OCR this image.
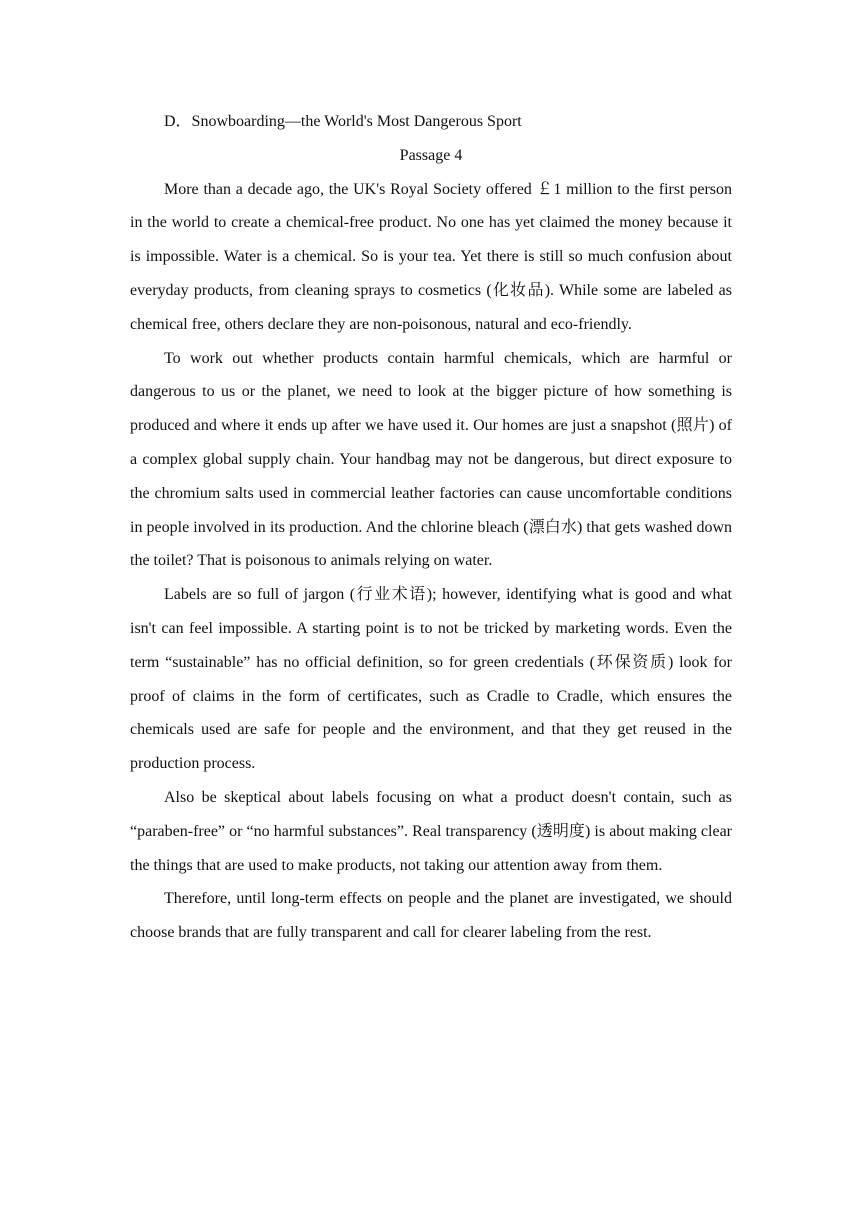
D．Snowboarding—the World's Most Dangerous Sport

Passage 4

More than a decade ago, the UK's Royal Society offered ￡1 million to the first person in the world to create a chemical-free product. No one has yet claimed the money because it is impossible. Water is a chemical. So is your tea. Yet there is still so much confusion about everyday products, from cleaning sprays to cosmetics (化妆品). While some are labeled as chemical free, others declare they are non-poisonous, natural and eco-friendly.

To work out whether products contain harmful chemicals, which are harmful or dangerous to us or the planet, we need to look at the bigger picture of how something is produced and where it ends up after we have used it. Our homes are just a snapshot (照片) of a complex global supply chain. Your handbag may not be dangerous, but direct exposure to the chromium salts used in commercial leather factories can cause uncomfortable conditions in people involved in its production. And the chlorine bleach (漂白水) that gets washed down the toilet? That is poisonous to animals relying on water.

Labels are so full of jargon (行业术语); however, identifying what is good and what isn't can feel impossible. A starting point is to not be tricked by marketing words. Even the term “sustainable” has no official definition, so for green credentials (环保资质) look for proof of claims in the form of certificates, such as Cradle to Cradle, which ensures the chemicals used are safe for people and the environment, and that they get reused in the production process.

Also be skeptical about labels focusing on what a product doesn't contain, such as “paraben-free” or “no harmful substances”. Real transparency (透明度) is about making clear the things that are used to make products, not taking our attention away from them.

Therefore, until long-term effects on people and the planet are investigated, we should choose brands that are fully transparent and call for clearer labeling from the rest.
